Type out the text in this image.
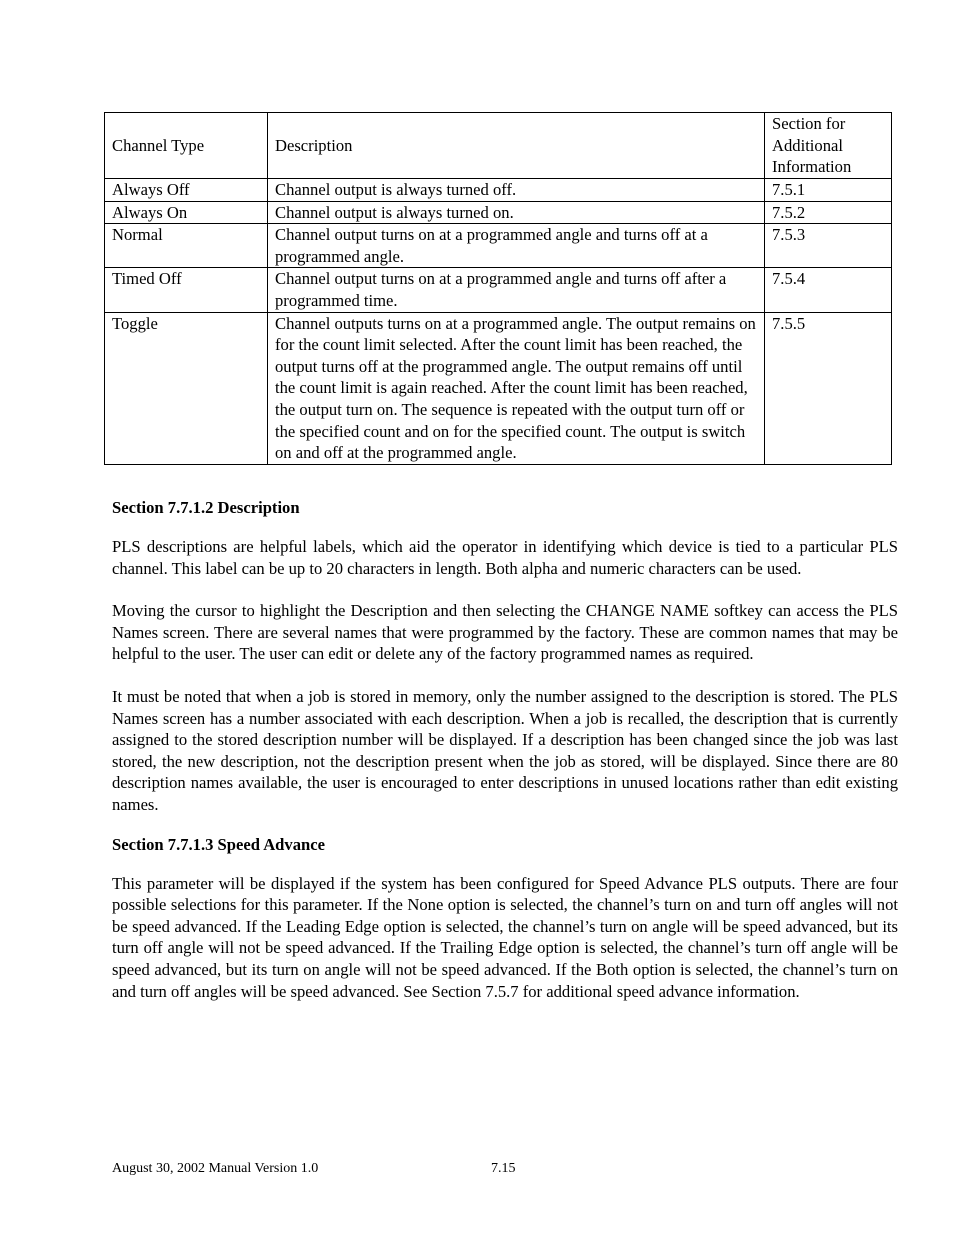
Channel Type	Description	Section for Additional Information
Always Off	Channel output is always turned off.	7.5.1
Always On	Channel output is always turned on.	7.5.2
Normal	Channel output turns on at a programmed angle and turns off at a programmed angle.	7.5.3
Timed Off	Channel output turns on at a programmed angle and turns off after a programmed time.	7.5.4
Toggle	Channel outputs turns on at a programmed angle. The output remains on for the count limit selected. After the count limit has been reached, the output turns off at the programmed angle. The output remains off until the count limit is again reached. After the count limit has been reached, the output turn on. The sequence is repeated with the output turn off or the specified count and on for the specified count. The output is switch on and off at the programmed angle.	7.5.5
Section 7.7.1.2 Description

PLS descriptions are helpful labels, which aid the operator in identifying which device is tied to a particular PLS channel. This label can be up to 20 characters in length. Both alpha and numeric characters can be used.

Moving the cursor to highlight the Description and then selecting the CHANGE NAME softkey can access the PLS Names screen. There are several names that were programmed by the factory. These are common names that may be helpful to the user. The user can edit or delete any of the factory programmed names as required.

It must be noted that when a job is stored in memory, only the number assigned to the description is stored. The PLS Names screen has a number associated with each description. When a job is recalled, the description that is currently assigned to the stored description number will be displayed. If a description has been changed since the job was last stored, the new description, not the description present when the job as stored, will be displayed. Since there are 80 description names available, the user is encouraged to enter descriptions in unused locations rather than edit existing names.

Section 7.7.1.3 Speed Advance

This parameter will be displayed if the system has been configured for Speed Advance PLS outputs. There are four possible selections for this parameter. If the None option is selected, the channel’s turn on and turn off angles will not be speed advanced. If the Leading Edge option is selected, the channel’s turn on angle will be speed advanced, but its turn off angle will not be speed advanced. If the Trailing Edge option is selected, the channel’s turn off angle will be speed advanced, but its turn on angle will not be speed advanced. If the Both option is selected, the channel’s turn on and turn off angles will be speed advanced. See Section 7.5.7 for additional speed advance information.

August 30, 2002 Manual Version 1.0	7.15
